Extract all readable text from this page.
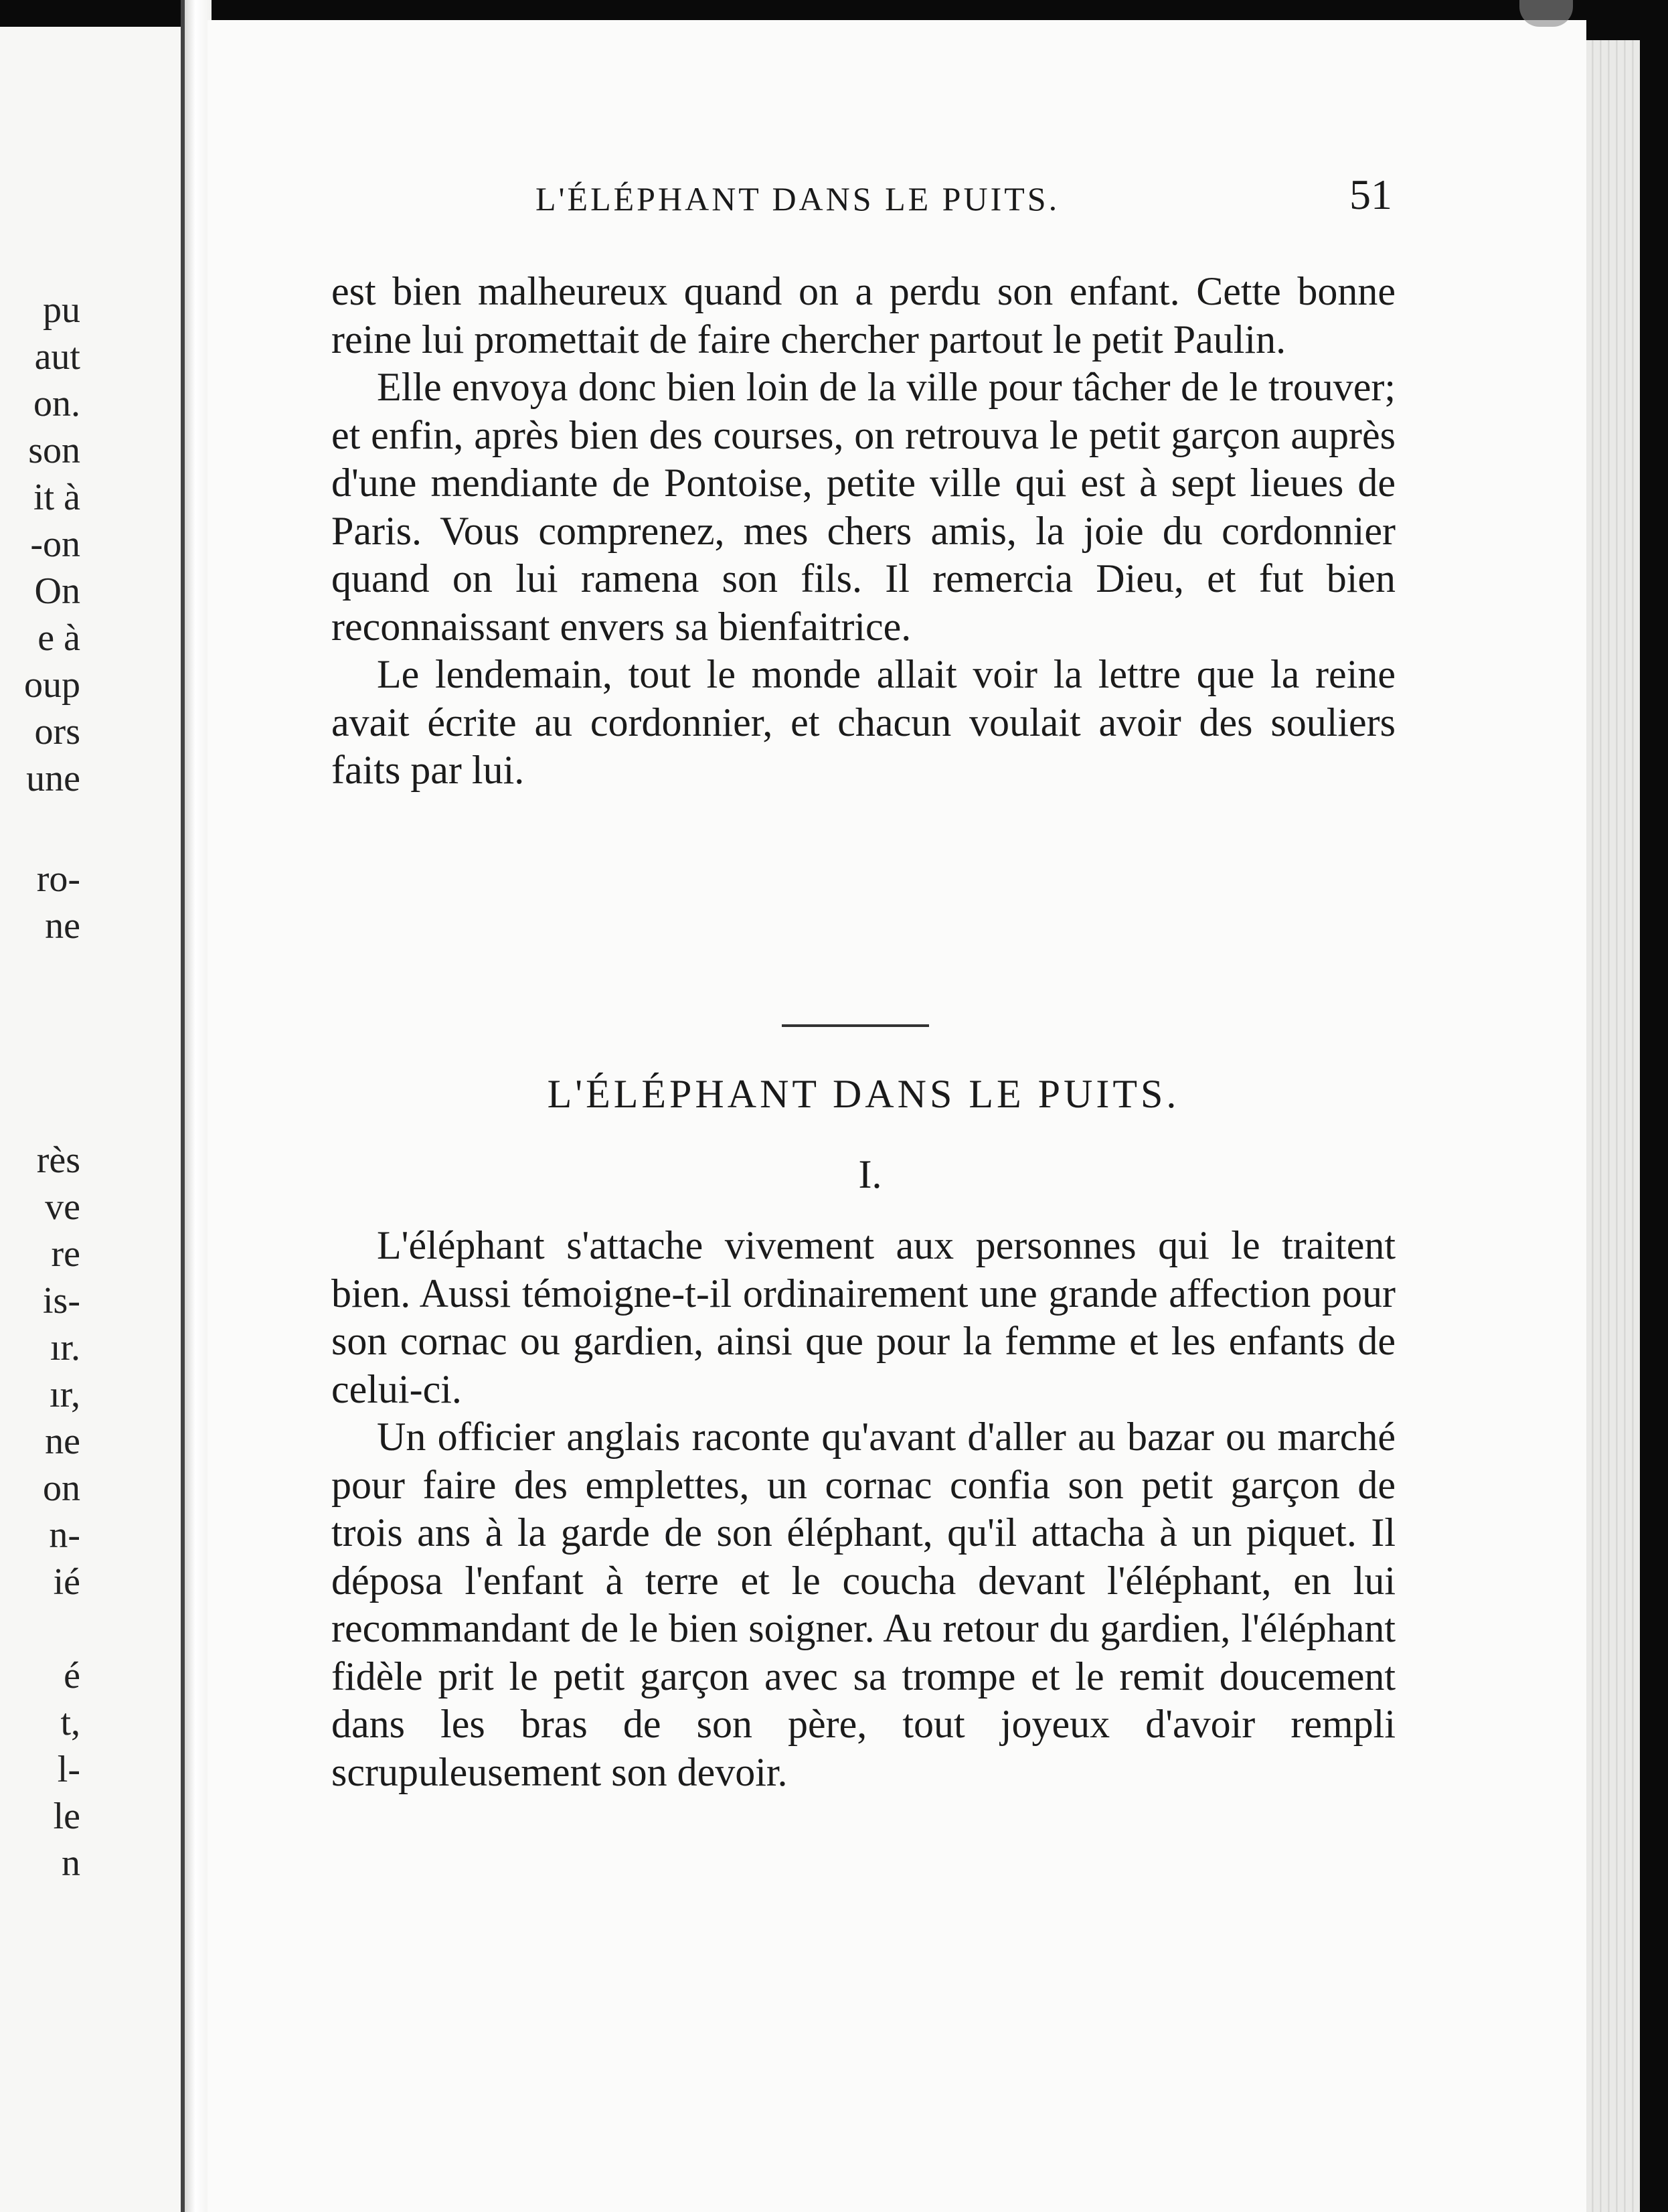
pu
aut
on.
son
it à
-on
On
e à
oup
ors
une
ro-
ne
rès
ve
re
is-
ır.
ır,
ne
on
n-
ié
é
t,
l-
le
n
L'ÉLÉPHANT DANS LE PUITS.	51

est bien malheureux quand on a perdu son enfant. Cette bonne reine lui promettait de faire chercher partout le petit Paulin.

Elle envoya donc bien loin de la ville pour tâcher de le trouver; et enfin, après bien des courses, on retrouva le petit garçon auprès d'une mendiante de Pontoise, petite ville qui est à sept lieues de Paris. Vous comprenez, mes chers amis, la joie du cordonnier quand on lui ramena son fils. Il remercia Dieu, et fut bien reconnaissant envers sa bienfaitrice.

Le lendemain, tout le monde allait voir la lettre que la reine avait écrite au cordonnier, et chacun voulait avoir des souliers faits par lui.

L'ÉLÉPHANT DANS LE PUITS.
I.

L'éléphant s'attache vivement aux personnes qui le traitent bien. Aussi témoigne-t-il ordinairement une grande affection pour son cornac ou gardien, ainsi que pour la femme et les enfants de celui-ci.

Un officier anglais raconte qu'avant d'aller au bazar ou marché pour faire des emplettes, un cornac confia son petit garçon de trois ans à la garde de son éléphant, qu'il attacha à un piquet. Il déposa l'enfant à terre et le coucha devant l'éléphant, en lui recommandant de le bien soigner. Au retour du gardien, l'éléphant fidèle prit le petit garçon avec sa trompe et le remit doucement dans les bras de son père, tout joyeux d'avoir rempli scrupuleusement son devoir.
